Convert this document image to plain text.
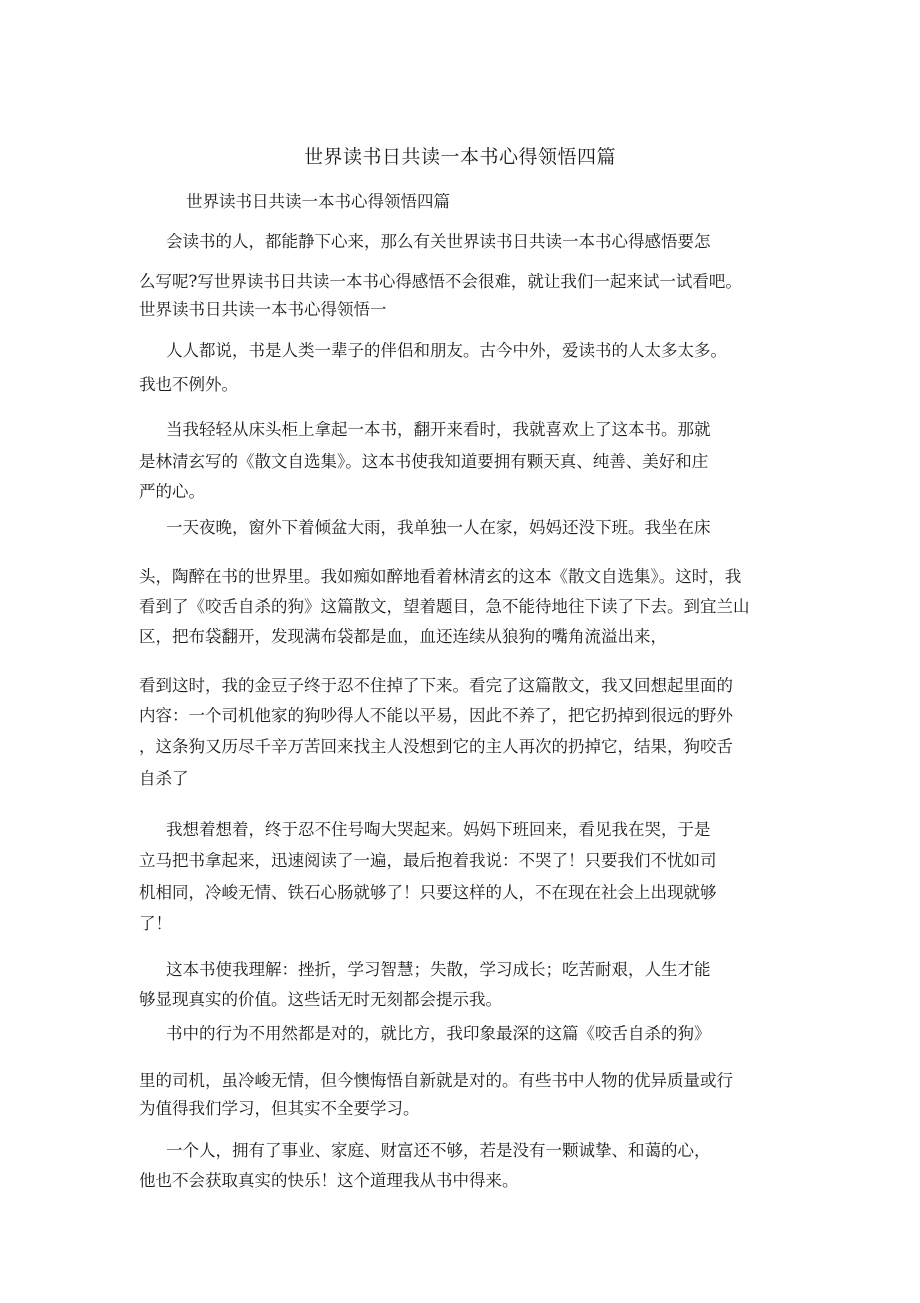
世界读书日共读一本书心得领悟四篇

世界读书日共读一本书心得领悟四篇

会读书的人，都能静下心来，那么有关世界读书日共读一本书心得感悟要怎

么写呢?写世界读书日共读一本书心得感悟不会很难，就让我们一起来试一试看吧。

世界读书日共读一本书心得领悟一

人人都说，书是人类一辈子的伴侣和朋友。古今中外，爱读书的人太多太多。

我也不例外。

当我轻轻从床头柜上拿起一本书，翻开来看时，我就喜欢上了这本书。那就

是林清玄写的《散文自选集》。这本书使我知道要拥有颗天真、纯善、美好和庄

严的心。

一天夜晚，窗外下着倾盆大雨，我单独一人在家，妈妈还没下班。我坐在床

头，陶醉在书的世界里。我如痴如醉地看着林清玄的这本《散文自选集》。这时，我

看到了《咬舌自杀的狗》这篇散文，望着题目，急不能待地往下读了下去。到宜兰山

区，把布袋翻开，发现满布袋都是血，血还连续从狼狗的嘴角流溢出来，

看到这时，我的金豆子终于忍不住掉了下来。看完了这篇散文，我又回想起里面的

内容：一个司机他家的狗吵得人不能以平易，因此不养了，把它扔掉到很远的野外

，这条狗又历尽千辛万苦回来找主人没想到它的主人再次的扔掉它，结果，狗咬舌

自杀了

我想着想着，终于忍不住号啕大哭起来。妈妈下班回来，看见我在哭，于是

立马把书拿起来，迅速阅读了一遍，最后抱着我说：不哭了！只要我们不忧如司

机相同，冷峻无情、铁石心肠就够了！只要这样的人，不在现在社会上出现就够

了！

这本书使我理解：挫折，学习智慧；失散，学习成长；吃苦耐艰，人生才能

够显现真实的价值。这些话无时无刻都会提示我。

书中的行为不用然都是对的，就比方，我印象最深的这篇《咬舌自杀的狗》

里的司机，虽冷峻无情，但今懊悔悟自新就是对的。有些书中人物的优异质量或行

为值得我们学习，但其实不全要学习。

一个人，拥有了事业、家庭、财富还不够，若是没有一颗诚挚、和蔼的心，

他也不会获取真实的快乐！这个道理我从书中得来。
